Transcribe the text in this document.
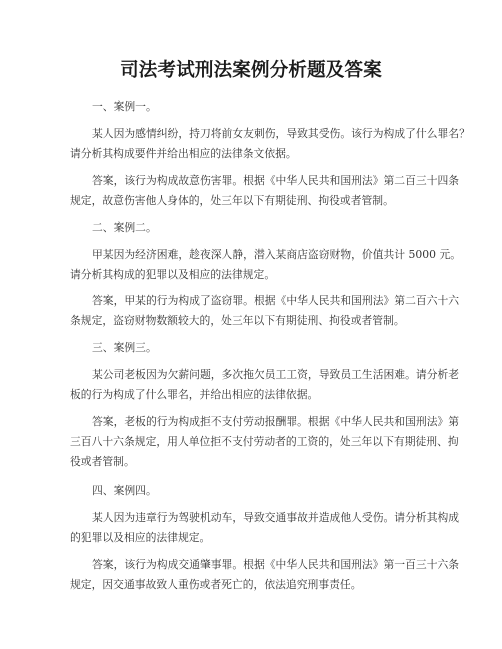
司法考试刑法案例分析题及答案
一、案例一。
某人因为感情纠纷，持刀将前女友刺伤，导致其受伤。该行为构成了什么罪名？
请分析其构成要件并给出相应的法律条文依据。
答案，该行为构成故意伤害罪。根据《中华人民共和国刑法》第二百三十四条
规定，故意伤害他人身体的，处三年以下有期徒刑、拘役或者管制。
二、案例二。
甲某因为经济困难，趁夜深人静，潜入某商店盗窃财物，价值共计 5000 元。
请分析其构成的犯罪以及相应的法律规定。
答案，甲某的行为构成了盗窃罪。根据《中华人民共和国刑法》第二百六十六
条规定，盗窃财物数额较大的，处三年以下有期徒刑、拘役或者管制。
三、案例三。
某公司老板因为欠薪问题，多次拖欠员工工资，导致员工生活困难。请分析老
板的行为构成了什么罪名，并给出相应的法律依据。
答案，老板的行为构成拒不支付劳动报酬罪。根据《中华人民共和国刑法》第
三百八十六条规定，用人单位拒不支付劳动者的工资的，处三年以下有期徒刑、拘
役或者管制。
四、案例四。
某人因为违章行为驾驶机动车，导致交通事故并造成他人受伤。请分析其构成
的犯罪以及相应的法律规定。
答案，该行为构成交通肇事罪。根据《中华人民共和国刑法》第一百三十六条
规定，因交通事故致人重伤或者死亡的，依法追究刑事责任。
